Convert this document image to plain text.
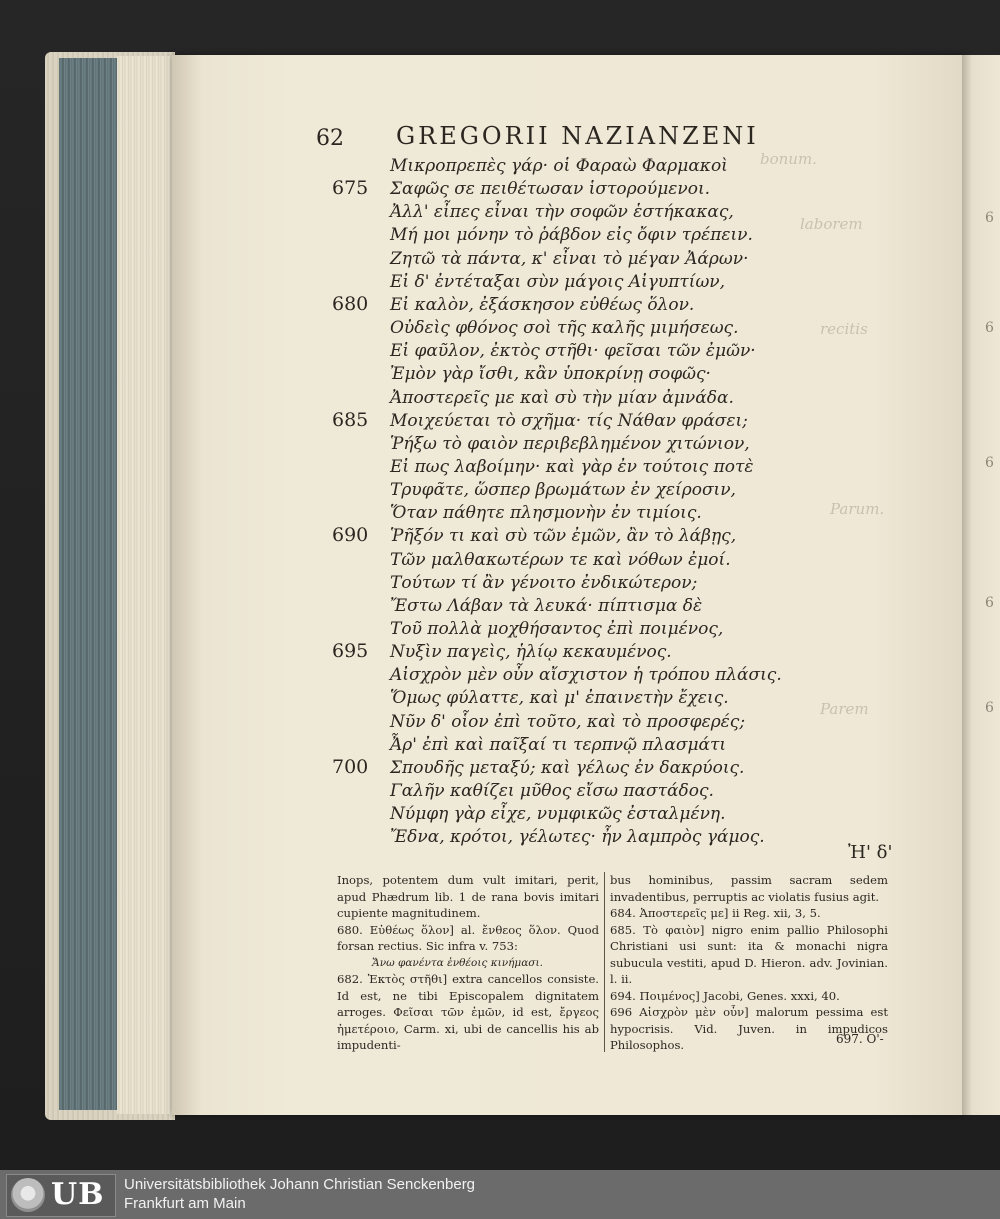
bonum.
laborem
recitis
Parum.
Parem
6
6
6
6
6
62 GREGORII NAZIANZENI
Μικροπρεπὲς γάρ· οἱ Φαραὼ Φαρμακοὶ
675 Σαφῶς σε πειθέτωσαν ἱστορούμενοι.
Ἀλλ' εἶπες εἶναι τὴν σοφῶν ἑστήκακας,
Μή μοι μόνην τὸ ῥάβδον εἰς ὄφιν τρέπειν.
Ζητῶ τὰ πάντα, κ' εἶναι τὸ μέγαν Ἀάρων·
Εἰ δ' ἐντέταξαι σὺν μάγοις Αἰγυπτίων,
680 Εἰ καλὸν, ἐξάσκησον εὐθέως ὅλον.
Οὐδεὶς φθόνος σοὶ τῆς καλῆς μιμήσεως.
Εἰ φαῦλον, ἐκτὸς στῆθι· φεῖσαι τῶν ἐμῶν·
Ἐμὸν γὰρ ἴσθι, κἂν ὑποκρίνῃ σοφῶς·
Ἀποστερεῖς με καὶ σὺ τὴν μίαν ἀμνάδα.
685 Μοιχεύεται τὸ σχῆμα· τίς Νάθαν φράσει;
Ῥήξω τὸ φαιὸν περιβεβλημένον χιτώνιον,
Εἰ πως λαβοίμην· καὶ γὰρ ἐν τούτοις ποτὲ
Τρυφᾶτε, ὥσπερ βρωμάτων ἐν χείροσιν,
Ὅταν πάθητε πλησμονὴν ἐν τιμίοις.
690 Ῥῆξόν τι καὶ σὺ τῶν ἐμῶν, ἂν τὸ λάβῃς,
Τῶν μαλθακωτέρων τε καὶ νόθων ἐμοί.
Τούτων τί ἂν γένοιτο ἐνδικώτερον;
Ἔστω Λάβαν τὰ λευκά· πίπτισμα δὲ
Τοῦ πολλὰ μοχθήσαντος ἐπὶ ποιμένος,
695 Νυξὶν παγεὶς, ἡλίῳ κεκαυμένος.
Αἰσχρὸν μὲν οὖν αἴσχιστον ἡ τρόπου πλάσις.
Ὅμως φύλαττε, καὶ μ' ἐπαινετὴν ἔχεις.
Νῦν δ' οἷον ἐπὶ τοῦτο, καὶ τὸ προσφερές;
Ἆρ' ἐπὶ καὶ παῖξαί τι τερπνῷ πλασμάτι
700 Σπουδῆς μεταξύ; καὶ γέλως ἐν δακρύοις.
Γαλῆν καθίζει μῦθος εἴσω παστάδος.
Νύμφη γὰρ εἶχε, νυμφικῶς ἐσταλμένη.
Ἔδνα, κρότοι, γέλωτες· ἦν λαμπρὸς γάμος.
Ἠ' δ'

Inops, potentem dum vult imitari, perit, apud Phædrum lib. 1 de rana bovis imitari cupiente magnitudinem.

680. Εὐθέως ὅλον] al. ἔνθεος ὅλον. Quod forsan rectius. Sic infra v. 753:

Ἄνω φανέντα ἐνθέοις κινήμασι.

682. Ἐκτὸς στῆθι] extra cancellos consiste. Id est, ne tibi Episcopalem dignitatem arroges. Φεῖσαι τῶν ἐμῶν, id est, ἔργεος ἡμετέροιο, Carm. xi, ubi de cancellis his ab impudenti-

bus hominibus, passim sacram sedem invadentibus, perruptis ac violatis fusius agit.

684. Ἀποστερεῖς με] ii Reg. xii, 3, 5.

685. Τὸ φαιὸν] nigro enim pallio Philosophi Christiani usi sunt: ita & monachi nigra subucula vestiti, apud D. Hieron. adv. Jovinian. l. ii.

694. Ποιμένος] Jacobi, Genes. xxxi, 40.

696 Αἰσχρὸν μὲν οὖν] malorum pessima est hypocrisis. Vid. Juven. in impudicos Philosophos.	697. Ο'-
UB Universitätsbibliothek Johann Christian Senckenberg
Frankfurt am Main
